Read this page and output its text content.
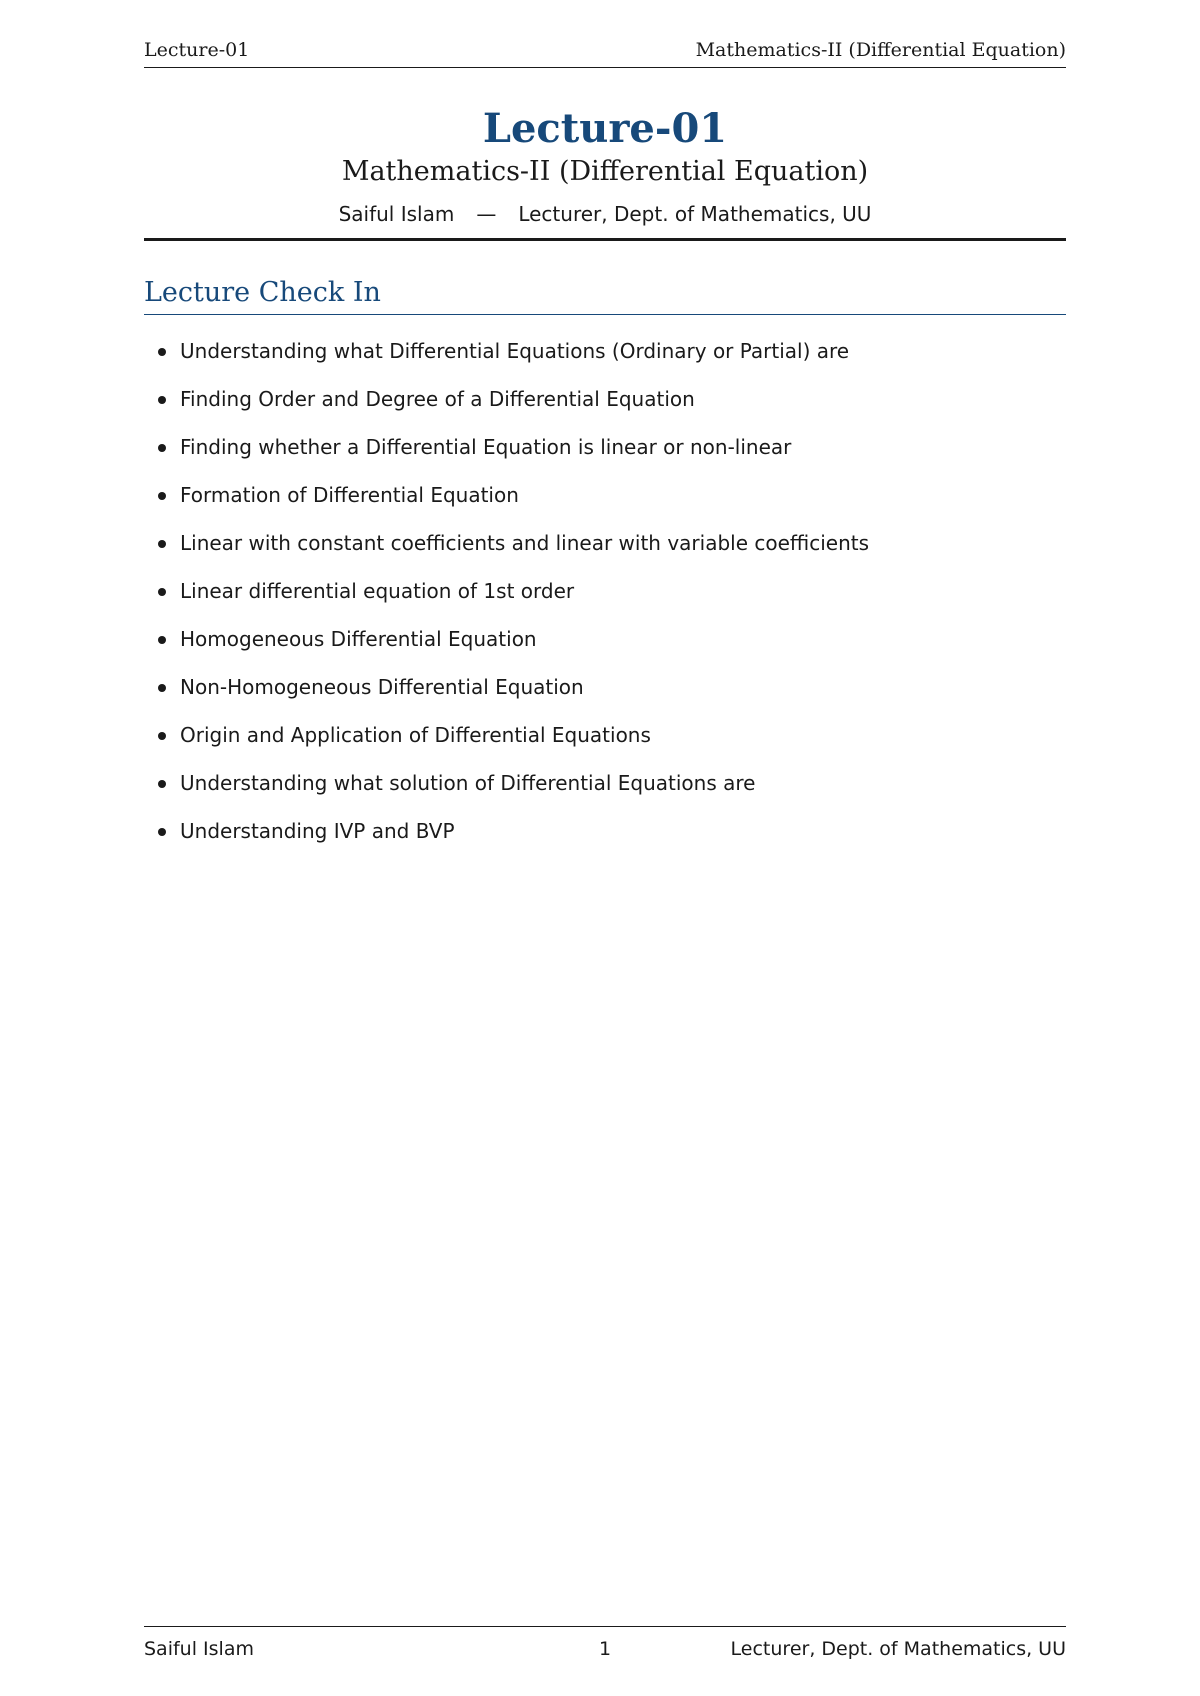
Lecture-01	Mathematics-II (Differential Equation)
Lecture-01
Mathematics-II (Differential Equation)
Saiful Islam — Lecturer, Dept. of Mathematics, UU
Lecture Check In
Understanding what Differential Equations (Ordinary or Partial) are
Finding Order and Degree of a Differential Equation
Finding whether a Differential Equation is linear or non-linear
Formation of Differential Equation
Linear with constant coefficients and linear with variable coefficients
Linear differential equation of 1st order
Homogeneous Differential Equation
Non-Homogeneous Differential Equation
Origin and Application of Differential Equations
Understanding what solution of Differential Equations are
Understanding IVP and BVP
Saiful Islam	1	Lecturer, Dept. of Mathematics, UU
